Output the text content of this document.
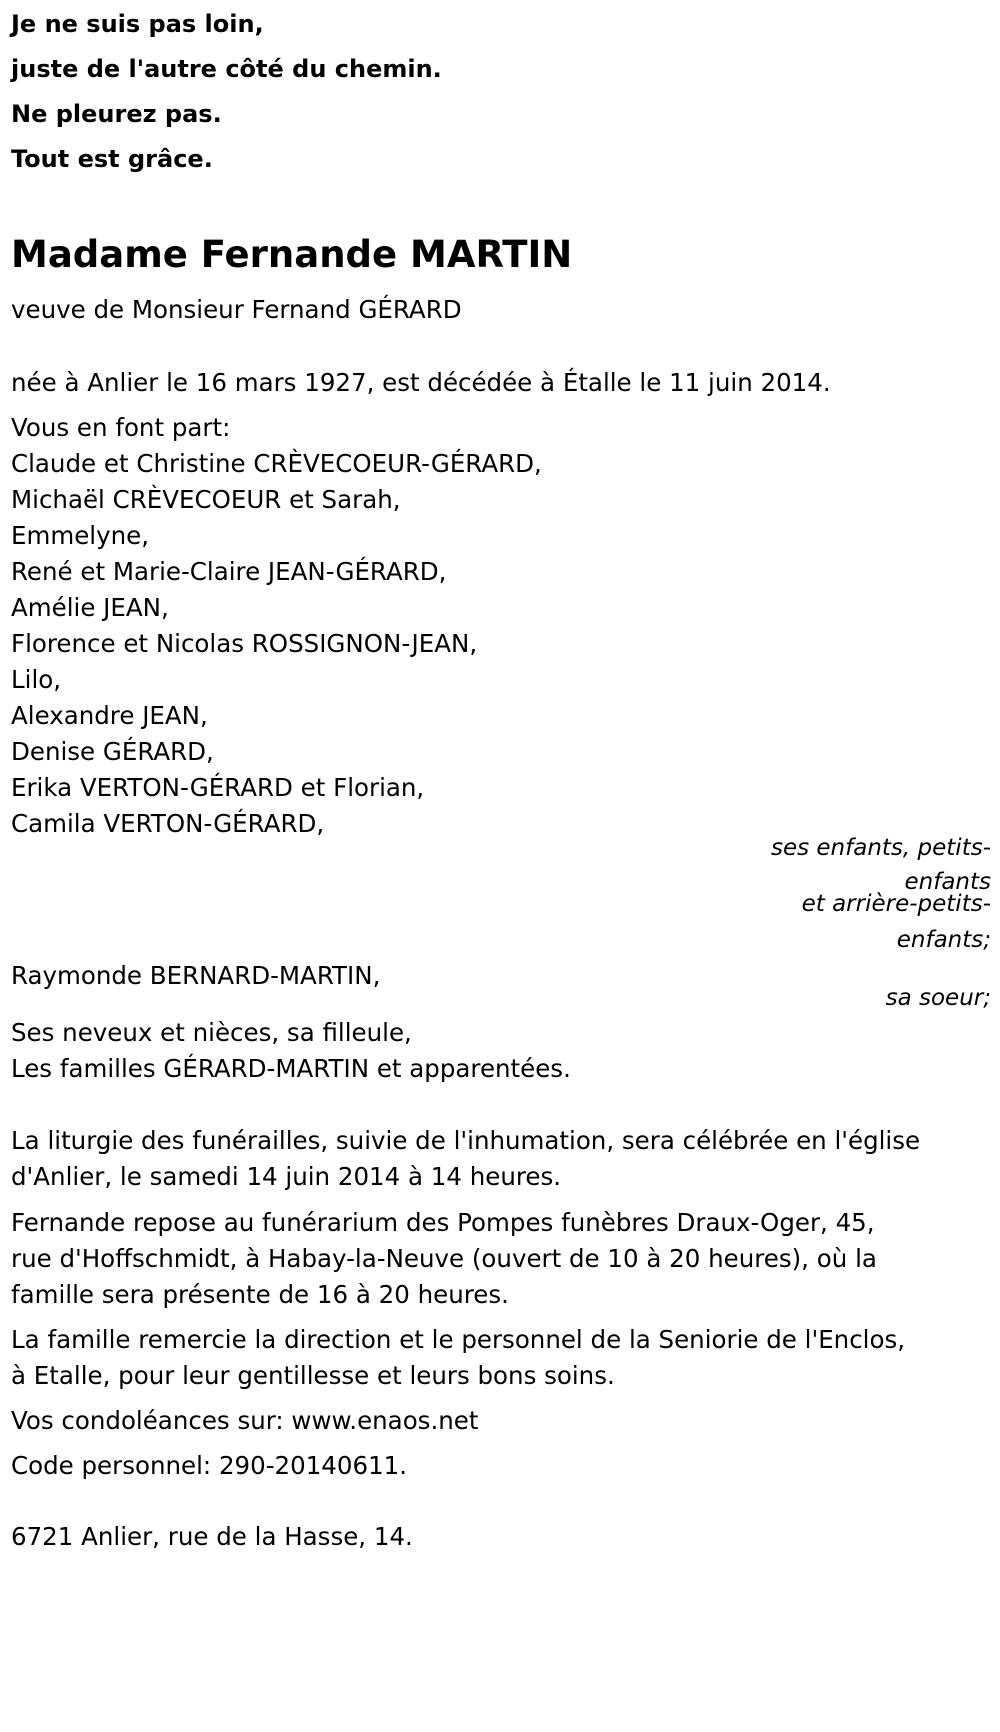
Je ne suis pas loin,
juste de l'autre côté du chemin.
Ne pleurez pas.
Tout est grâce.
Madame Fernande MARTIN
veuve de Monsieur Fernand GÉRARD
née à Anlier le 16 mars 1927, est décédée à Étalle le 11 juin 2014.
Vous en font part:
Claude et Christine CRÈVECOEUR-GÉRARD,
Michaël CRÈVECOEUR et Sarah,
Emmelyne,
René et Marie-Claire JEAN-GÉRARD,
Amélie JEAN,
Florence et Nicolas ROSSIGNON-JEAN,
Lilo,
Alexandre JEAN,
Denise GÉRARD,
Erika VERTON-GÉRARD et Florian,
Camila VERTON-GÉRARD,
ses enfants, petits-
enfants
et arrière-petits-
enfants;
Raymonde BERNARD-MARTIN,
sa soeur;
Ses neveux et nièces, sa filleule,
Les familles GÉRARD-MARTIN et apparentées.
La liturgie des funérailles, suivie de l'inhumation, sera célébrée en l'église
d'Anlier, le samedi 14 juin 2014 à 14 heures.
Fernande repose au funérarium des Pompes funèbres Draux-Oger, 45,
rue d'Hoffschmidt, à Habay-la-Neuve (ouvert de 10 à 20 heures), où la
famille sera présente de 16 à 20 heures.
La famille remercie la direction et le personnel de la Seniorie de l'Enclos,
à Etalle, pour leur gentillesse et leurs bons soins.
Vos condoléances sur: www.enaos.net
Code personnel: 290-20140611.
6721 Anlier, rue de la Hasse, 14.
